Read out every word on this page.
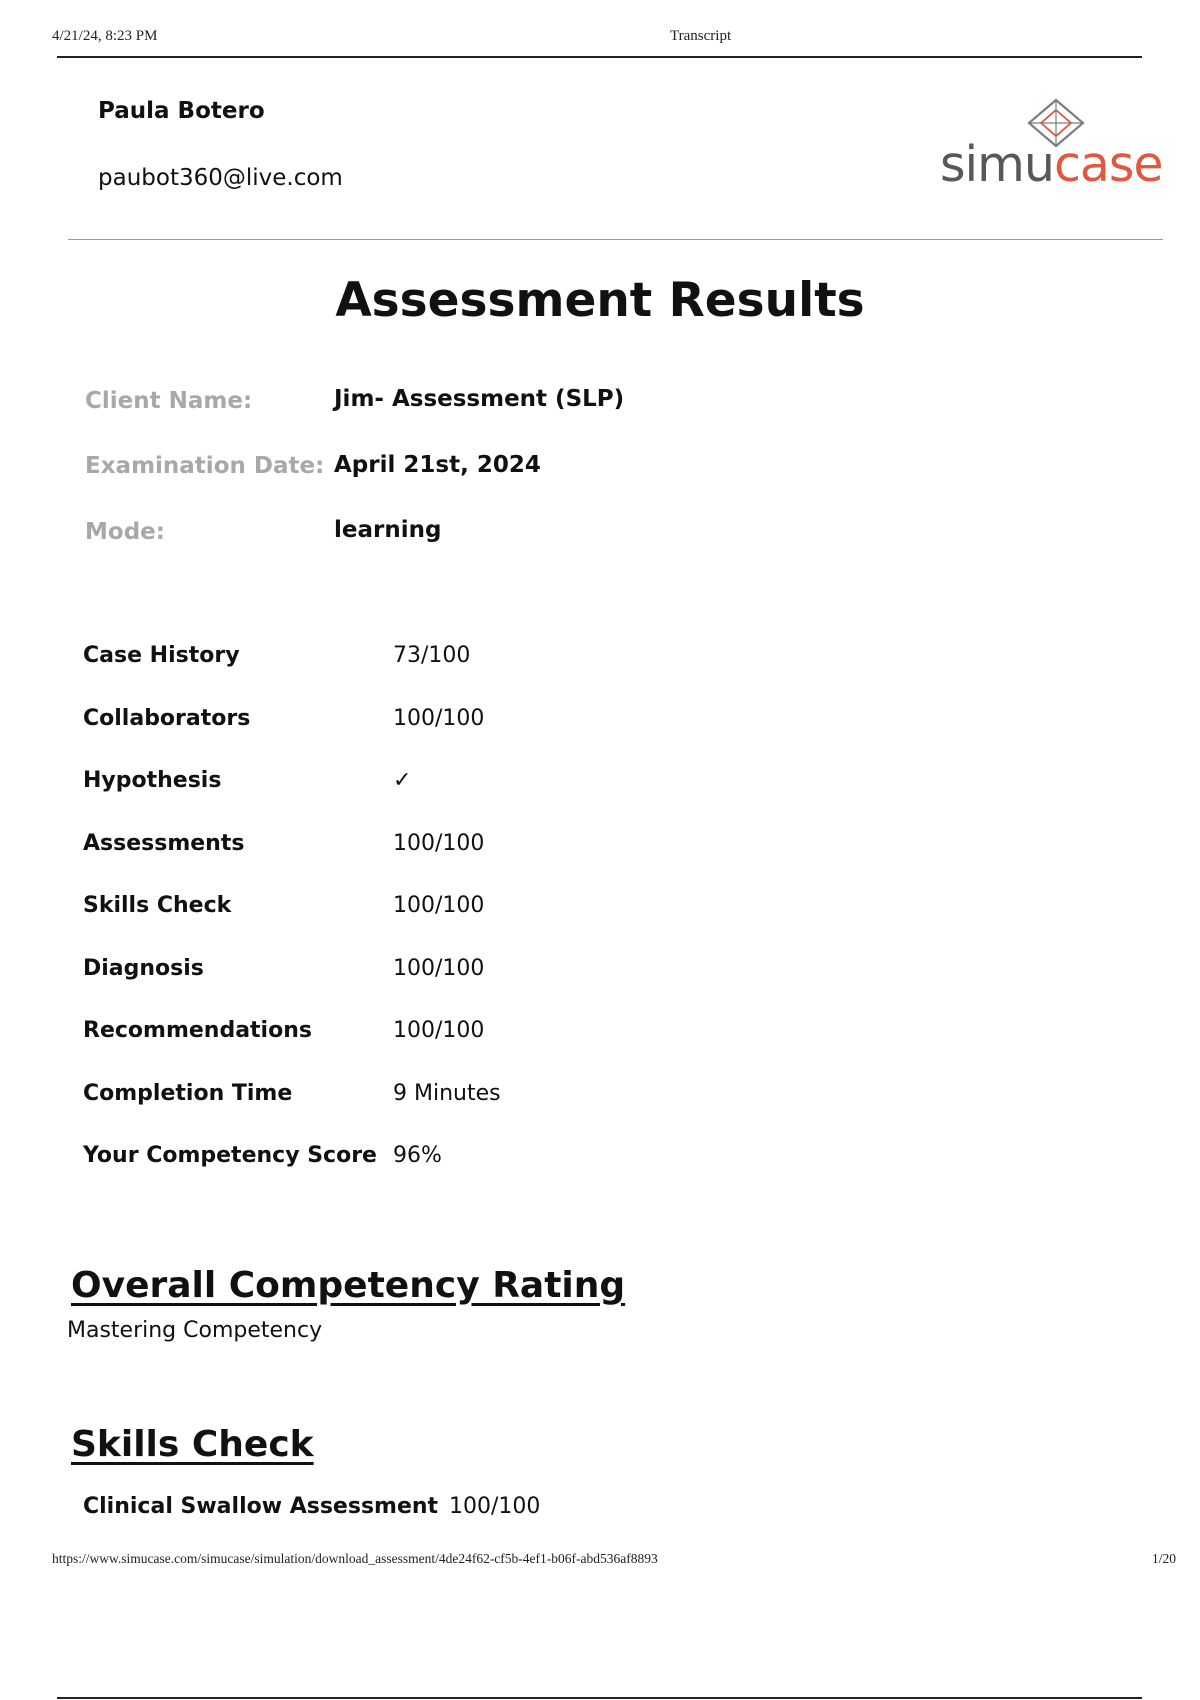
4/21/24, 8:23 PM	Transcript
Paula Botero
paubot360@live.com	simucase
Assessment Results
Client Name:	Jim- Assessment (SLP)
Examination Date: April 21st, 2024
Mode:	learning
Case History	73/100
Collaborators	100/100
Hypothesis	✓
Assessments	100/100
Skills Check	100/100
Diagnosis	100/100
Recommendations	100/100
Completion Time	9 Minutes
Your Competency Score 96%
Overall Competency Rating
Mastering Competency
Skills Check
Clinical Swallow Assessment 100/100
https://www.simucase.com/simucase/simulation/download_assessment/4de24f62-cf5b-4ef1-b06f-abd536af8893	1/20
